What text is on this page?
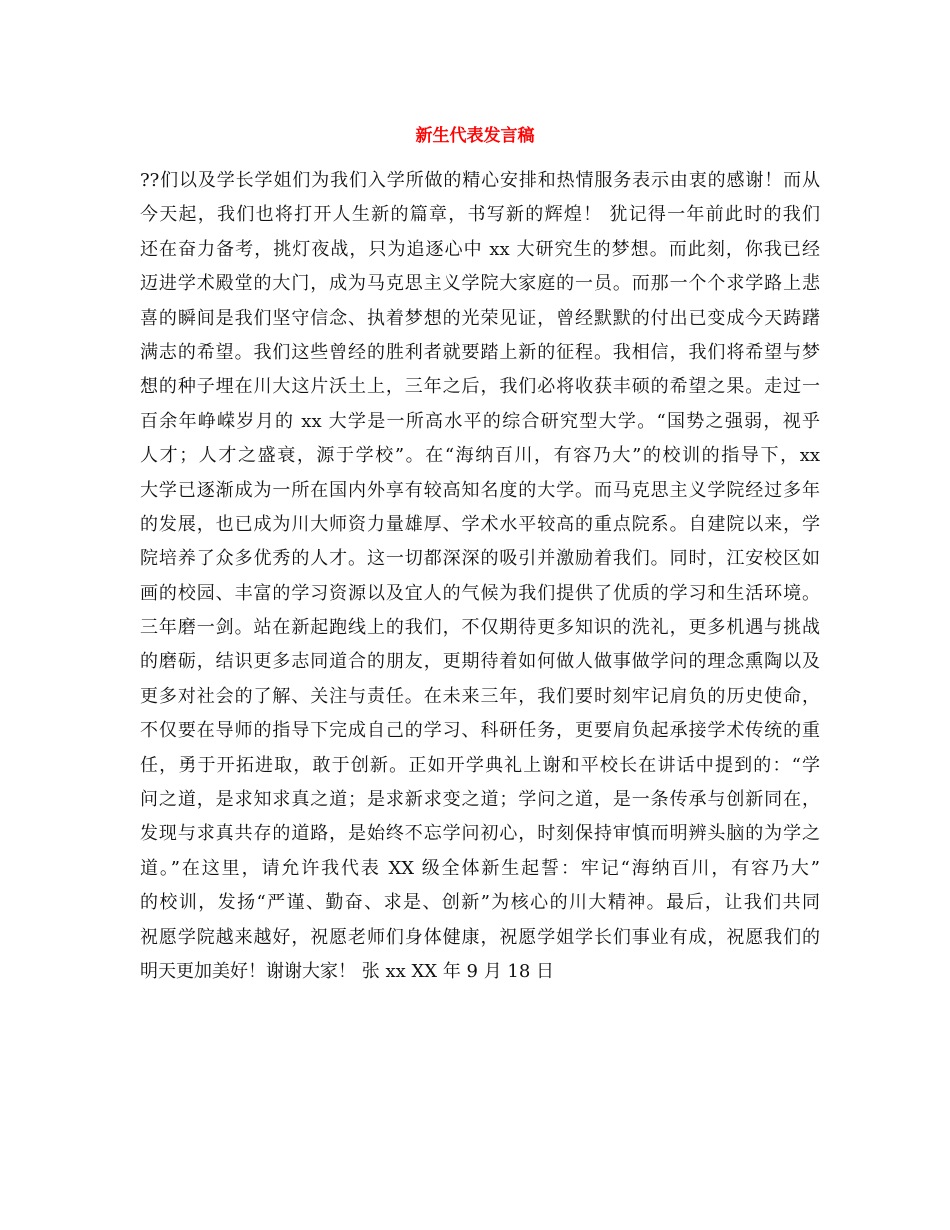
新生代表发言稿
??们以及学长学姐们为我们入学所做的精心安排和热情服务表示由衷的感谢！而从
今天起，我们也将打开人生新的篇章，书写新的辉煌！ 犹记得一年前此时的我们
还在奋力备考，挑灯夜战，只为追逐心中 xx 大研究生的梦想。而此刻，你我已经
迈进学术殿堂的大门，成为马克思主义学院大家庭的一员。而那一个个求学路上悲
喜的瞬间是我们坚守信念、执着梦想的光荣见证，曾经默默的付出已变成今天踌躇
满志的希望。我们这些曾经的胜利者就要踏上新的征程。我相信，我们将希望与梦
想的种子埋在川大这片沃土上，三年之后，我们必将收获丰硕的希望之果。走过一
百余年峥嵘岁月的 xx 大学是一所高水平的综合研究型大学。“国势之强弱，视乎
人才；人才之盛衰，源于学校”。在“海纳百川，有容乃大”的校训的指导下，xx
大学已逐渐成为一所在国内外享有较高知名度的大学。而马克思主义学院经过多年
的发展，也已成为川大师资力量雄厚、学术水平较高的重点院系。自建院以来，学
院培养了众多优秀的人才。这一切都深深的吸引并激励着我们。同时，江安校区如
画的校园、丰富的学习资源以及宜人的气候为我们提供了优质的学习和生活环境。
三年磨一剑。站在新起跑线上的我们，不仅期待更多知识的洗礼，更多机遇与挑战
的磨砺，结识更多志同道合的朋友，更期待着如何做人做事做学问的理念熏陶以及
更多对社会的了解、关注与责任。在未来三年，我们要时刻牢记肩负的历史使命，
不仅要在导师的指导下完成自己的学习、科研任务，更要肩负起承接学术传统的重
任，勇于开拓进取，敢于创新。正如开学典礼上谢和平校长在讲话中提到的：“学
问之道，是求知求真之道；是求新求变之道；学问之道，是一条传承与创新同在，
发现与求真共存的道路，是始终不忘学问初心，时刻保持审慎而明辨头脑的为学之
道。”在这里，请允许我代表 XX 级全体新生起誓：牢记“海纳百川，有容乃大”
的校训，发扬“严谨、勤奋、求是、创新”为核心的川大精神。最后，让我们共同
祝愿学院越来越好，祝愿老师们身体健康，祝愿学姐学长们事业有成，祝愿我们的
明天更加美好！谢谢大家！ 张 xx XX 年 9 月 18 日
